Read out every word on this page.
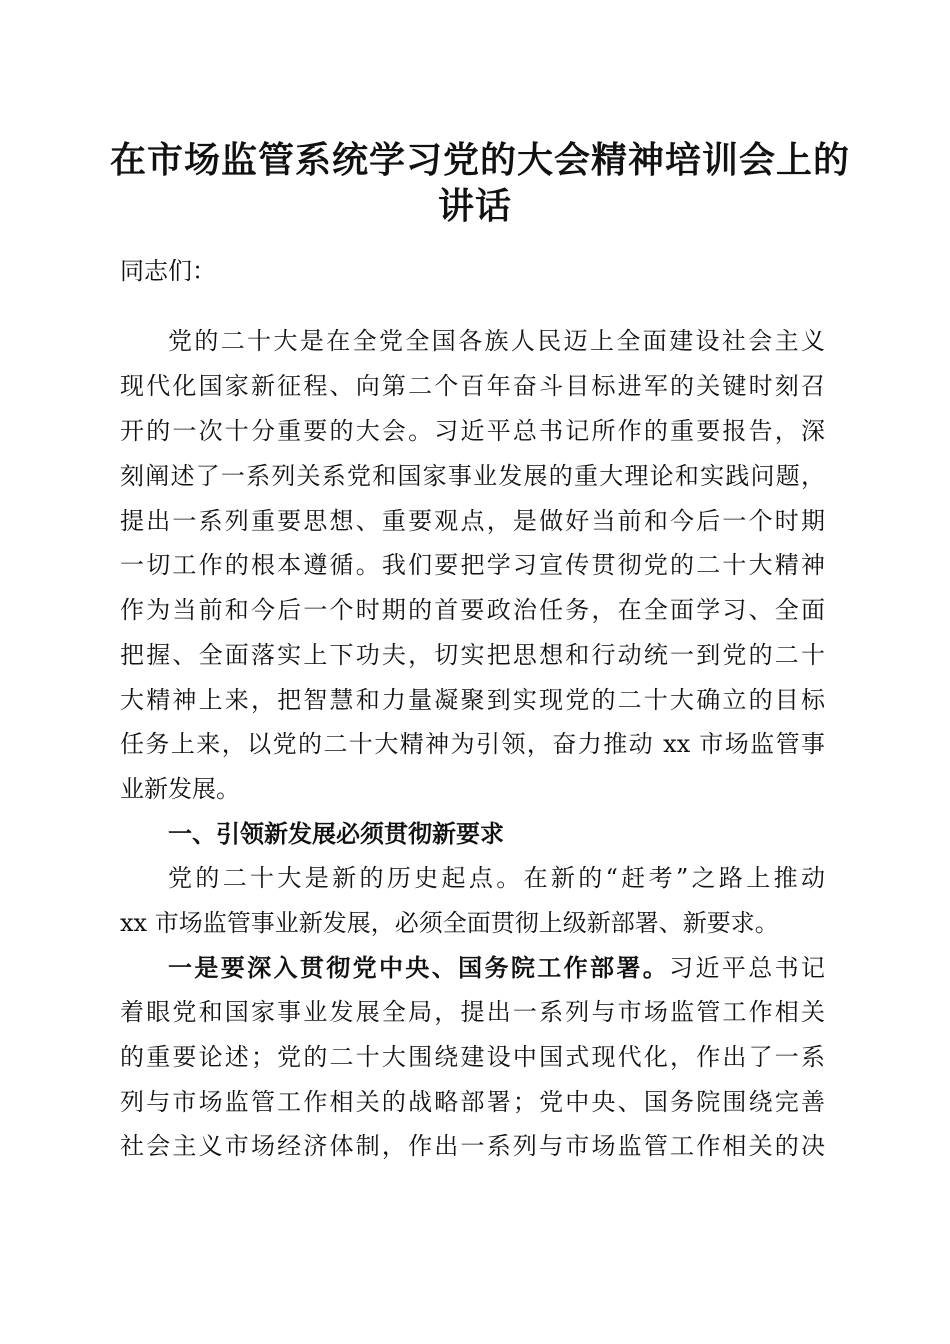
在市场监管系统学习党的大会精神培训会上的
讲话
同志们：
党的二十大是在全党全国各族人民迈上全面建设社会主义
现代化国家新征程、向第二个百年奋斗目标进军的关键时刻召
开的一次十分重要的大会。习近平总书记所作的重要报告，深
刻阐述了一系列关系党和国家事业发展的重大理论和实践问题，
提出一系列重要思想、重要观点，是做好当前和今后一个时期
一切工作的根本遵循。我们要把学习宣传贯彻党的二十大精神
作为当前和今后一个时期的首要政治任务，在全面学习、全面
把握、全面落实上下功夫，切实把思想和行动统一到党的二十
大精神上来，把智慧和力量凝聚到实现党的二十大确立的目标
任务上来，以党的二十大精神为引领，奋力推动 xx 市场监管事
业新发展。
一、引领新发展必须贯彻新要求
党的二十大是新的历史起点。在新的“赶考”之路上推动
xx 市场监管事业新发展，必须全面贯彻上级新部署、新要求。
一是要深入贯彻党中央、国务院工作部署。习近平总书记
着眼党和国家事业发展全局，提出一系列与市场监管工作相关
的重要论述；党的二十大围绕建设中国式现代化，作出了一系
列与市场监管工作相关的战略部署；党中央、国务院围绕完善
社会主义市场经济体制，作出一系列与市场监管工作相关的决
